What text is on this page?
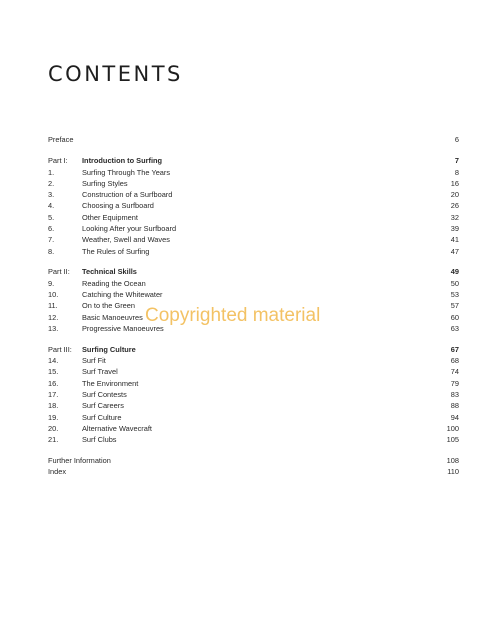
CONTENTS
Preface	6
Part I:	Introduction to Surfing	7
1.	Surfing Through The Years	8
2.	Surfing Styles	16
3.	Construction of a Surfboard	20
4.	Choosing a Surfboard	26
5.	Other Equipment	32
6.	Looking After your Surfboard	39
7.	Weather, Swell and Waves	41
8.	The Rules of Surfing	47
Part II:	Technical Skills	49
9.	Reading the Ocean	50
10.	Catching the Whitewater	53
11.	On to the Green	57
12.	Basic Manoeuvres	60
13.	Progressive Manoeuvres	63
Part III:	Surfing Culture	67
14.	Surf Fit	68
15.	Surf Travel	74
16.	The Environment	79
17.	Surf Contests	83
18.	Surf Careers	88
19.	Surf Culture	94
20.	Alternative Wavecraft	100
21.	Surf Clubs	105
Further Information	108
Index	110
Copyrighted material
